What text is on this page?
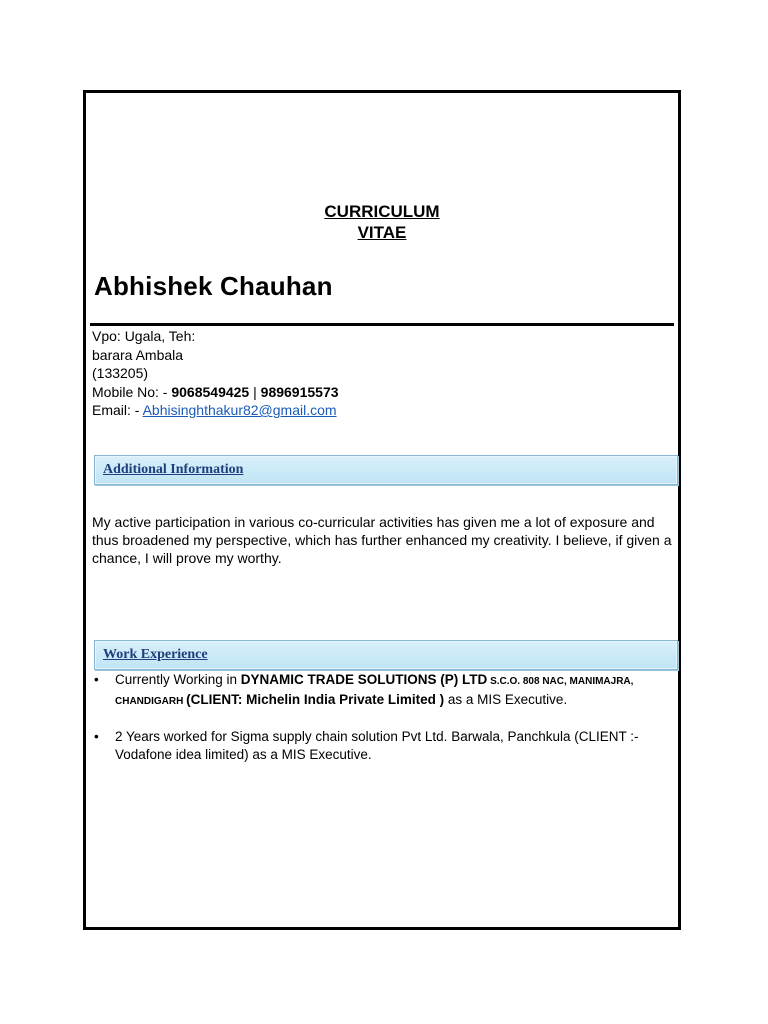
CURRICULUM
VITAE
Abhishek Chauhan
Vpo: Ugala, Teh:
barara Ambala
(133205)
Mobile No: - 9068549425 | 9896915573
Email: - Abhisinghthakur82@gmail.com
Additional Information
My active participation in various co-curricular activities has given me a lot of exposure and thus broadened my perspective, which has further enhanced my creativity. I believe, if given a chance, I will prove my worthy.
Work Experience
• Currently Working in DYNAMIC TRADE SOLUTIONS (P) LTD S.C.O. 808 NAC, MANIMAJRA, CHANDIGARH (CLIENT: Michelin India Private Limited ) as a MIS Executive.
• 2 Years worked for Sigma supply chain solution Pvt Ltd. Barwala, Panchkula (CLIENT :- Vodafone idea limited) as a MIS Executive.
